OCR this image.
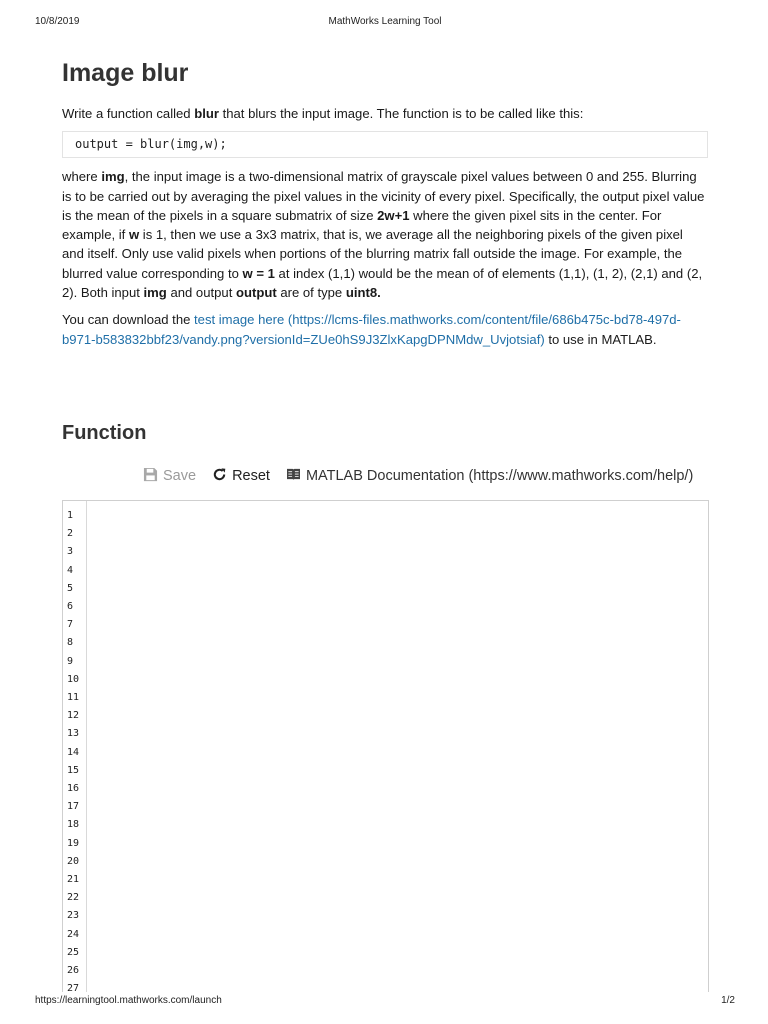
10/8/2019	MathWorks Learning Tool
Image blur

Write a function called blur that blurs the input image. The function is to be called like this:

output = blur(img,w);

where img, the input image is a two-dimensional matrix of grayscale pixel values between 0 and 255. Blurring is to be carried out by averaging the pixel values in the vicinity of every pixel. Specifically, the output pixel value is the mean of the pixels in a square submatrix of size 2w+1 where the given pixel sits in the center. For example, if w is 1, then we use a 3x3 matrix, that is, we average all the neighboring pixels of the given pixel and itself. Only use valid pixels when portions of the blurring matrix fall outside the image. For example, the blurred value corresponding to w = 1 at index (1,1) would be the mean of of elements (1,1), (1, 2), (2,1) and (2, 2). Both input img and output output are of type uint8.

You can download the test image here (https://lcms-files.mathworks.com/content/file/686b475c-bd78-497d-b971-b583832bbf23/vandy.png?versionId=ZUe0hS9J3ZlxKapgDPNMdw_Uvjotsiaf) to use in MATLAB.

Function
Save Reset MATLAB Documentation (https://www.mathworks.com/help/)
1
2
3
4
5
6
7
8
9
10
11
12
13
14
15
16
17
18
19
20
21
22
23
24
25
26
27
https://learningtool.mathworks.com/launch	1/2
